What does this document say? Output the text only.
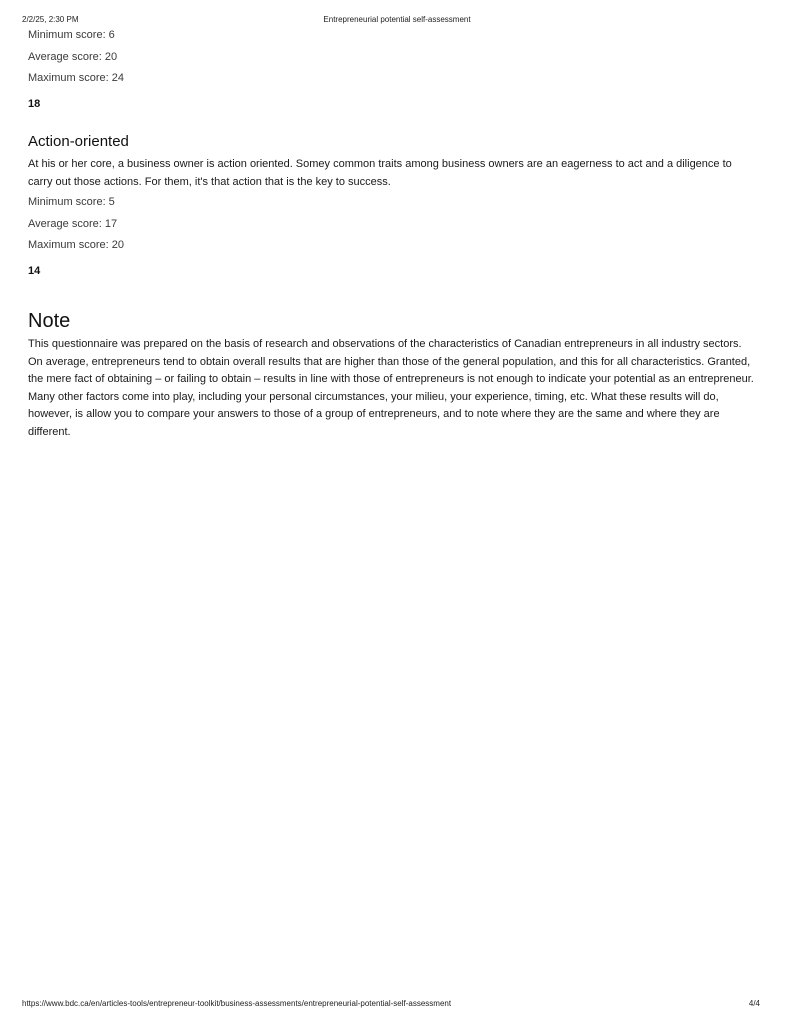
2/2/25, 2:30 PM	Entrepreneurial potential self-assessment

Minimum score: 6

Average score: 20

Maximum score: 24

18
Action-oriented

At his or her core, a business owner is action oriented. Somey common traits among business owners are an eagerness to act and a diligence to carry out those actions. For them, it's that action that is the key to success.

Minimum score: 5

Average score: 17

Maximum score: 20

14
Note

This questionnaire was prepared on the basis of research and observations of the characteristics of Canadian entrepreneurs in all industry sectors. On average, entrepreneurs tend to obtain overall results that are higher than those of the general population, and this for all characteristics. Granted, the mere fact of obtaining – or failing to obtain – results in line with those of entrepreneurs is not enough to indicate your potential as an entrepreneur. Many other factors come into play, including your personal circumstances, your milieu, your experience, timing, etc. What these results will do, however, is allow you to compare your answers to those of a group of entrepreneurs, and to note where they are the same and where they are different.

https://www.bdc.ca/en/articles-tools/entrepreneur-toolkit/business-assessments/entrepreneurial-potential-self-assessment	4/4
